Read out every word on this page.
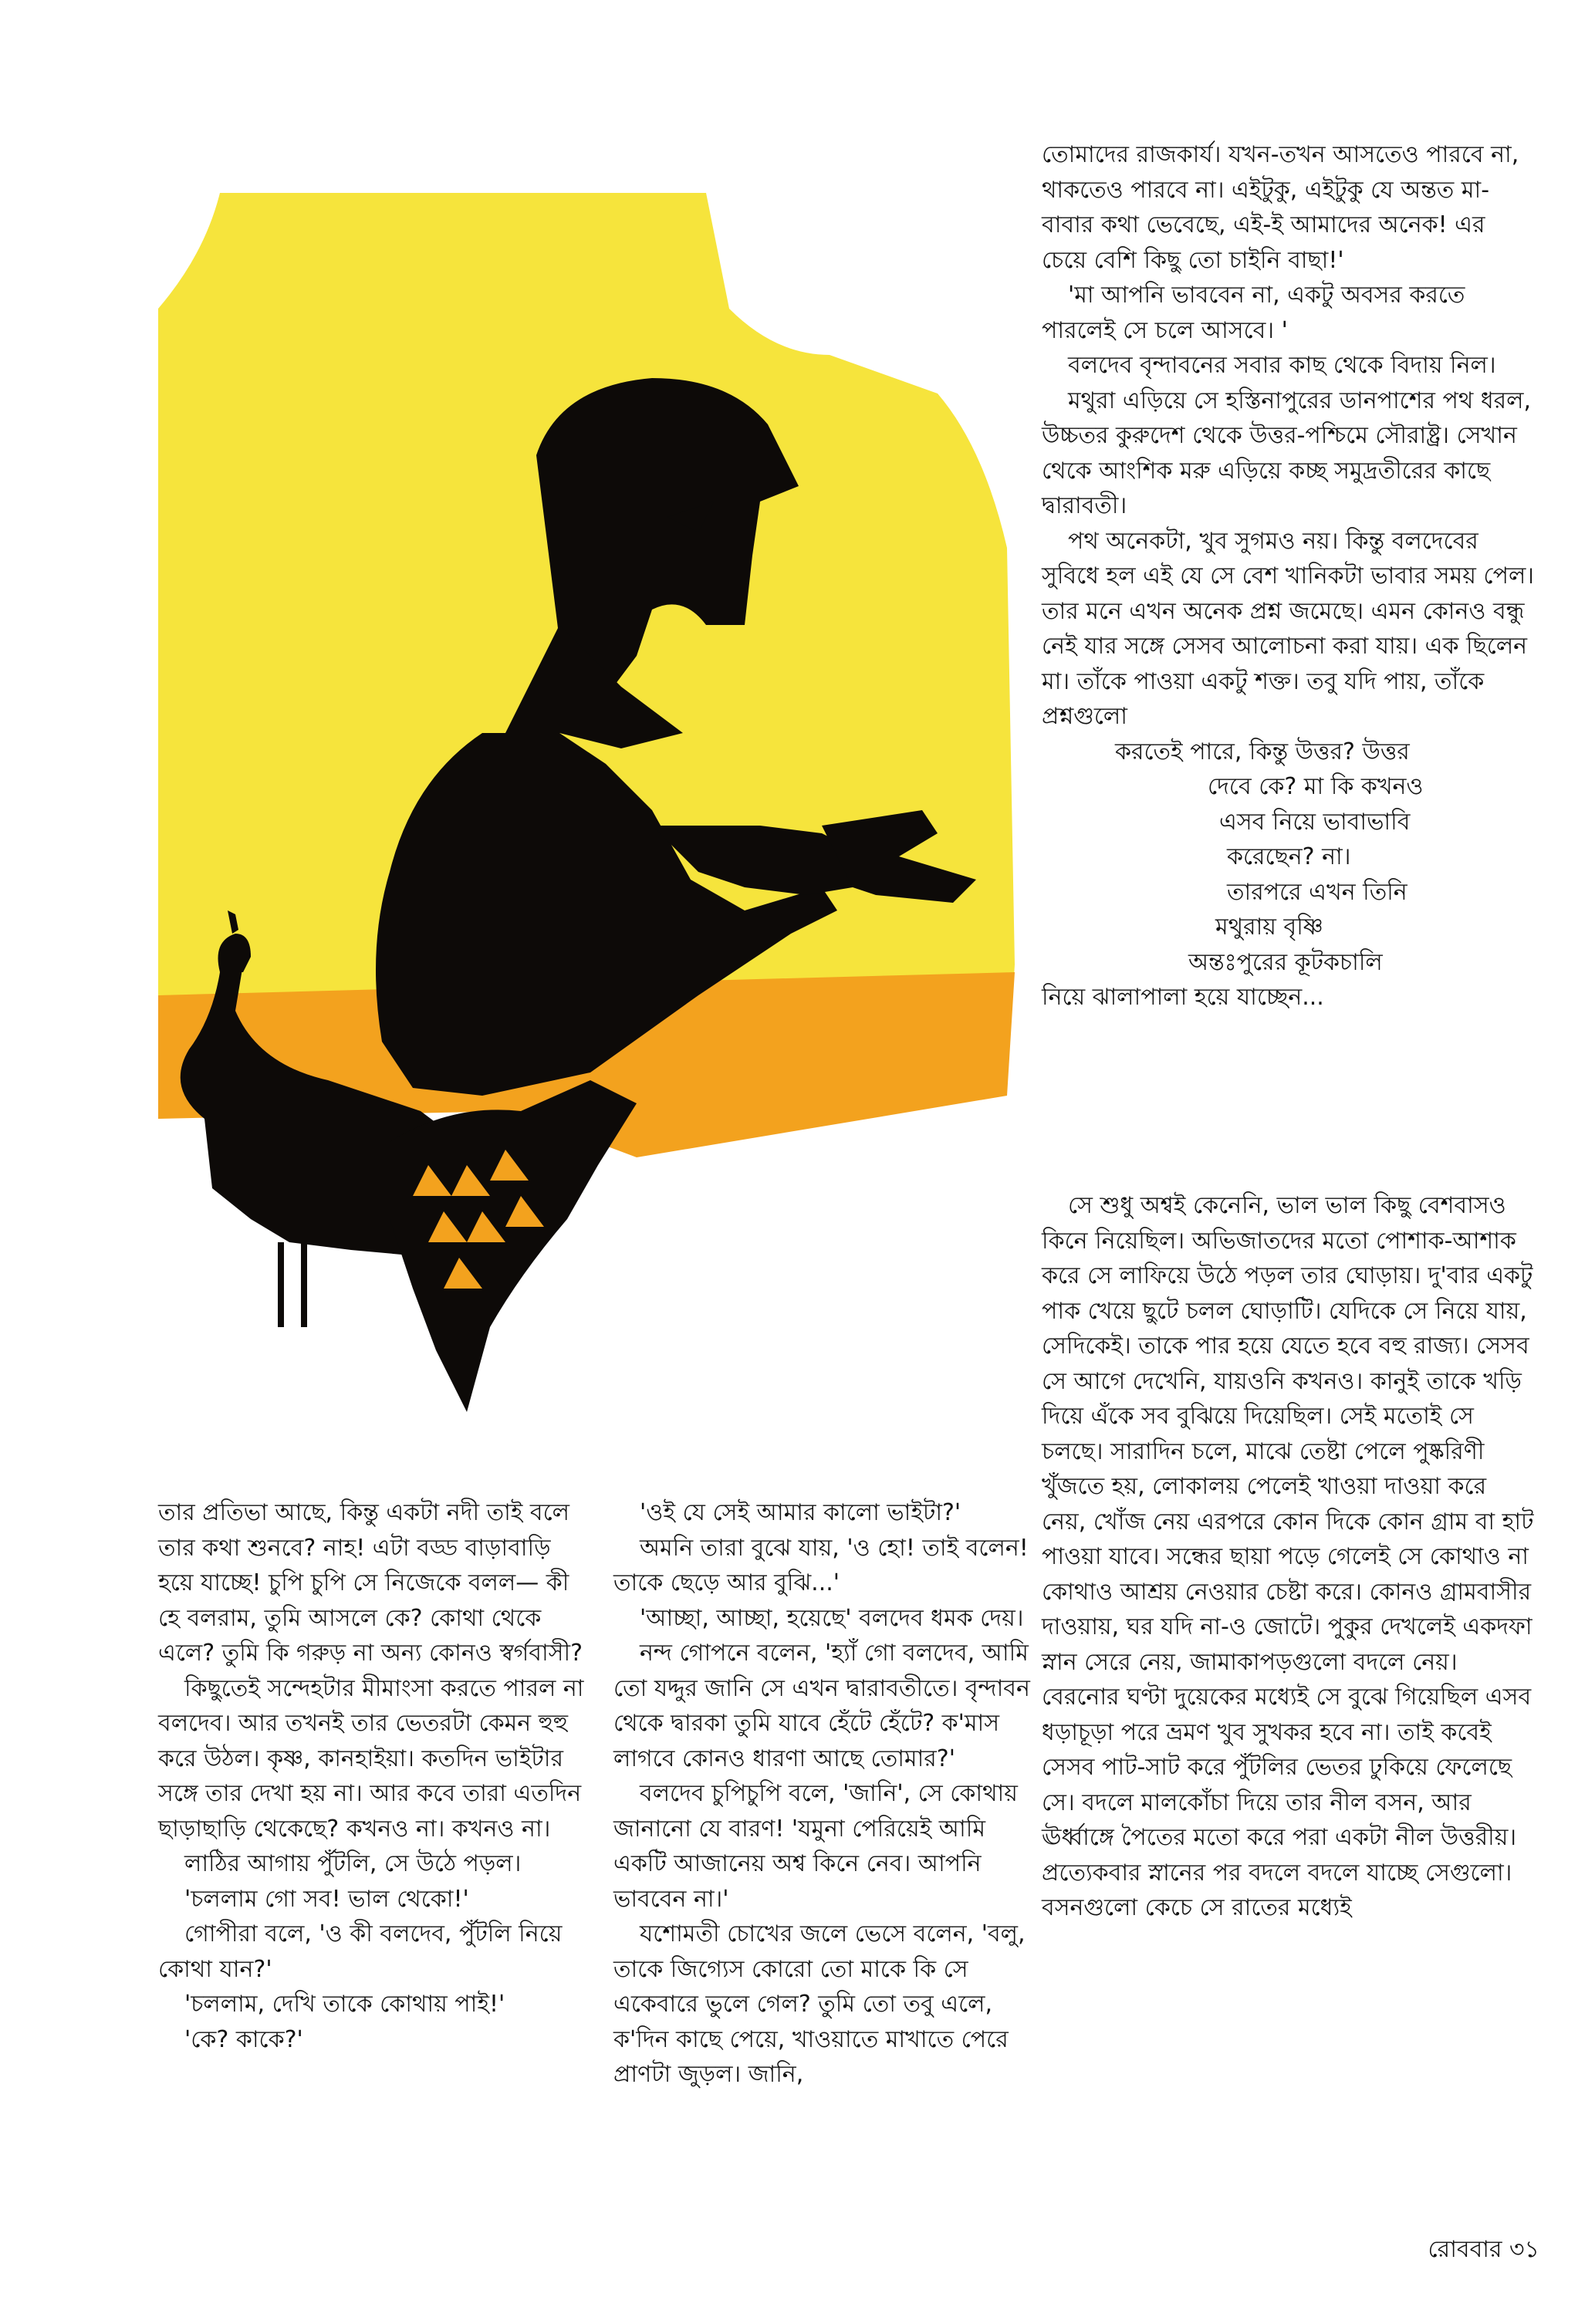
তোমাদের রাজকার্য। যখন-তখন আসতেও পারবে না, থাকতেও পারবে না। এইটুকু, এইটুকু যে অন্তত মা-বাবার কথা ভেবেছে, এই-ই আমাদের অনেক! এর চেয়ে বেশি কিছু তো চাইনি বাছা!'

'মা আপনি ভাববেন না, একটু অবসর করতে পারলেই সে চলে আসবে। '

বলদেব বৃন্দাবনের সবার কাছ থেকে বিদায় নিল।

মথুরা এড়িয়ে সে হস্তিনাপুরের ডানপাশের পথ ধরল, উচ্চতর কুরুদেশ থেকে উত্তর-পশ্চিমে সৌরাষ্ট্র। সেখান থেকে আংশিক মরু এড়িয়ে কচ্ছ সমুদ্রতীরের কাছে দ্বারাবতী।

পথ অনেকটা, খুব সুগমও নয়। কিন্তু বলদেবের সুবিধে হল এই যে সে বেশ খানিকটা ভাবার সময় পেল। তার মনে এখন অনেক প্রশ্ন জমেছে। এমন কোনও বন্ধু নেই যার সঙ্গে সেসব আলোচনা করা যায়। এক ছিলেন মা। তাঁকে পাওয়া একটু শক্ত। তবু যদি পায়, তাঁকে প্রশ্নগুলো

করতেই পারে, কিন্তু উত্তর? উত্তর

দেবে কে? মা কি কখনও

এসব নিয়ে ভাবাভাবি

করেছেন? না।

তারপরে এখন তিনি

মথুরায় বৃষ্ণি

অন্তঃপুরের কূটকচালি

নিয়ে ঝালাপালা হয়ে যাচ্ছেন...

সে শুধু অশ্বই কেনেনি, ভাল ভাল কিছু বেশবাসও কিনে নিয়েছিল। অভিজাতদের মতো পোশাক-আশাক করে সে লাফিয়ে উঠে পড়ল তার ঘোড়ায়। দু'বার একটু পাক খেয়ে ছুটে চলল ঘোড়াটি। যেদিকে সে নিয়ে যায়, সেদিকেই। তাকে পার হয়ে যেতে হবে বহু রাজ্য। সেসব সে আগে দেখেনি, যায়ওনি কখনও। কানুই তাকে খড়ি দিয়ে এঁকে সব বুঝিয়ে দিয়েছিল। সেই মতোই সে চলছে। সারাদিন চলে, মাঝে তেষ্টা পেলে পুষ্করিণী খুঁজতে হয়, লোকালয় পেলেই খাওয়া দাওয়া করে নেয়, খোঁজ নেয় এরপরে কোন দিকে কোন গ্রাম বা হাট পাওয়া যাবে। সন্ধের ছায়া পড়ে গেলেই সে কোথাও না কোথাও আশ্রয় নেওয়ার চেষ্টা করে। কোনও গ্রামবাসীর দাওয়ায়, ঘর যদি না-ও জোটে। পুকুর দেখলেই একদফা স্নান সেরে নেয়, জামাকাপড়গুলো বদলে নেয়। বেরনোর ঘণ্টা দুয়েকের মধ্যেই সে বুঝে গিয়েছিল এসব ধড়াচূড়া পরে ভ্রমণ খুব সুখকর হবে না। তাই কবেই সেসব পাট-সাট করে পুঁটলির ভেতর ঢুকিয়ে ফেলেছে সে। বদলে মালকোঁচা দিয়ে তার নীল বসন, আর ঊর্ধ্বাঙ্গে পৈতের মতো করে পরা একটা নীল উত্তরীয়। প্রত্যেকবার স্নানের পর বদলে বদলে যাচ্ছে সেগুলো। বসনগুলো কেচে সে রাতের মধ্যেই

তার প্রতিভা আছে, কিন্তু একটা নদী তাই বলে তার কথা শুনবে? নাহ! এটা বড্ড বাড়াবাড়ি হয়ে যাচ্ছে! চুপি চুপি সে নিজেকে বলল— কী হে বলরাম, তুমি আসলে কে? কোথা থেকে এলে? তুমি কি গরুড় না অন্য কোনও স্বর্গবাসী?

কিছুতেই সন্দেহটার মীমাংসা করতে পারল না বলদেব। আর তখনই তার ভেতরটা কেমন হুহু করে উঠল। কৃষ্ণ, কানহাইয়া। কতদিন ভাইটার সঙ্গে তার দেখা হয় না। আর কবে তারা এতদিন ছাড়াছাড়ি থেকেছে? কখনও না। কখনও না।

লাঠির আগায় পুঁটলি, সে উঠে পড়ল।

'চললাম গো সব! ভাল থেকো!'

গোপীরা বলে, 'ও কী বলদেব, পুঁটলি নিয়ে কোথা যান?'

'চললাম, দেখি তাকে কোথায় পাই!'

'কে? কাকে?'

'ওই যে সেই আমার কালো ভাইটা?'

অমনি তারা বুঝে যায়, 'ও হো! তাই বলেন! তাকে ছেড়ে আর বুঝি...'

'আচ্ছা, আচ্ছা, হয়েছে' বলদেব ধমক দেয়।

নন্দ গোপনে বলেন, 'হ্যাঁ গো বলদেব, আমি তো যদ্দুর জানি সে এখন দ্বারাবতীতে। বৃন্দাবন থেকে দ্বারকা তুমি যাবে হেঁটে হেঁটে? ক'মাস লাগবে কোনও ধারণা আছে তোমার?'

বলদেব চুপিচুপি বলে, 'জানি', সে কোথায় জানানো যে বারণ! 'যমুনা পেরিয়েই আমি একটি আজানেয় অশ্ব কিনে নেব। আপনি ভাববেন না।'

যশোমতী চোখের জলে ভেসে বলেন, 'বলু, তাকে জিগ্যেস কোরো তো মাকে কি সে একেবারে ভুলে গেল? তুমি তো তবু এলে, ক'দিন কাছে পেয়ে, খাওয়াতে মাখাতে পেরে প্রাণটা জুড়ল। জানি,

রোববার ৩১
